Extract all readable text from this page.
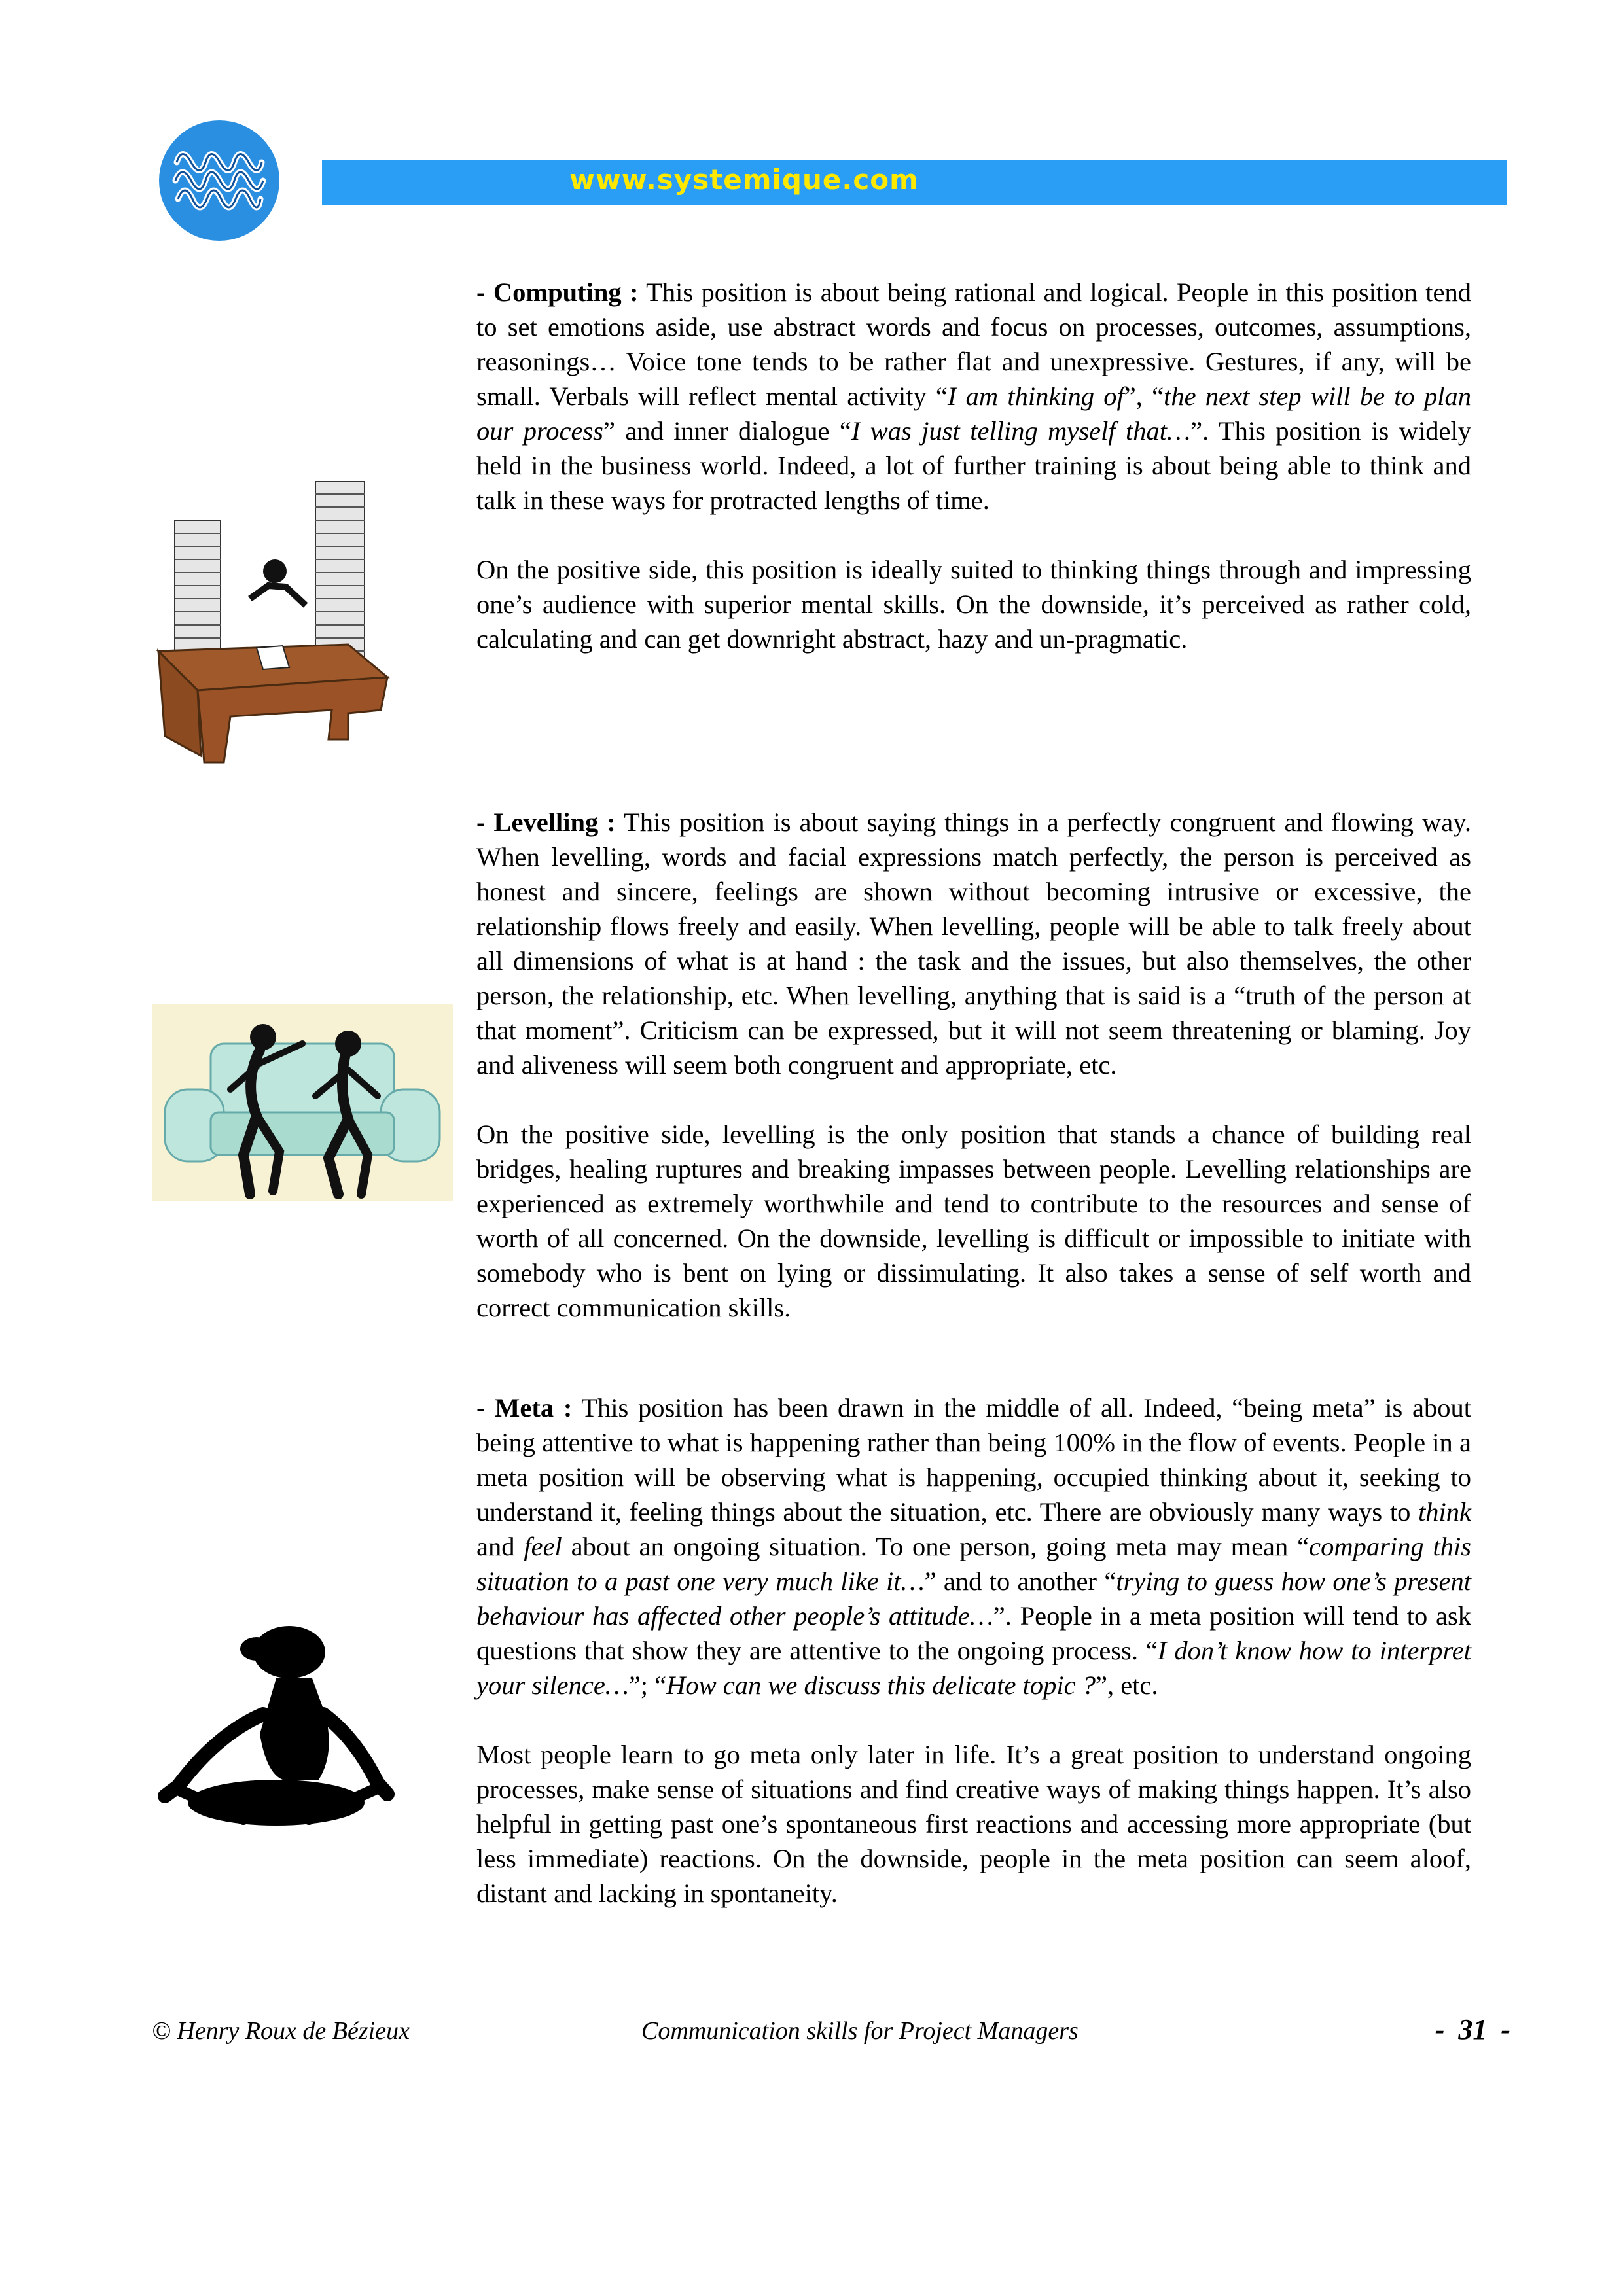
www.systemique.com

- Computing : This position is about being rational and logical. People in this position tend to set emotions aside, use abstract words and focus on processes, outcomes, assumptions, reasonings… Voice tone tends to be rather flat and unexpressive. Gestures, if any, will be small. Verbals will reflect mental activity “I am thinking of”, “the next step will be to plan our process” and inner dialogue “I was just telling myself that…”. This position is widely held in the business world. Indeed, a lot of further training is about being able to think and talk in these ways for protracted lengths of time.

On the positive side, this position is ideally suited to thinking things through and impressing one’s audience with superior mental skills. On the downside, it’s perceived as rather cold, calculating and can get downright abstract, hazy and un-pragmatic.

- Levelling : This position is about saying things in a perfectly congruent and flowing way. When levelling, words and facial expressions match perfectly, the person is perceived as honest and sincere, feelings are shown without becoming intrusive or excessive, the relationship flows freely and easily. When levelling, people will be able to talk freely about all dimensions of what is at hand : the task and the issues, but also themselves, the other person, the relationship, etc. When levelling, anything that is said is a “truth of the person at that moment”. Criticism can be expressed, but it will not seem threatening or blaming. Joy and aliveness will seem both congruent and appropriate, etc.

On the positive side, levelling is the only position that stands a chance of building real bridges, healing ruptures and breaking impasses between people. Levelling relationships are experienced as extremely worthwhile and tend to contribute to the resources and sense of worth of all concerned. On the downside, levelling is difficult or impossible to initiate with somebody who is bent on lying or dissimulating. It also takes a sense of self worth and correct communication skills.

- Meta : This position has been drawn in the middle of all. Indeed, “being meta” is about being attentive to what is happening rather than being 100% in the flow of events. People in a meta position will be observing what is happening, occupied thinking about it, seeking to understand it, feeling things about the situation, etc. There are obviously many ways to think and feel about an ongoing situation. To one person, going meta may mean “comparing this situation to a past one very much like it…” and to another “trying to guess how one’s present behaviour has affected other people’s attitude…”. People in a meta position will tend to ask questions that show they are attentive to the ongoing process. “I don’t know how to interpret your silence…”; “How can we discuss this delicate topic ?”, etc.

Most people learn to go meta only later in life. It’s a great position to understand ongoing processes, make sense of situations and find creative ways of making things happen. It’s also helpful in getting past one’s spontaneous first reactions and accessing more appropriate (but less immediate) reactions. On the downside, people in the meta position can seem aloof, distant and lacking in spontaneity.

© Henry Roux de Bézieux	Communication skills for Project Managers	- 31 -
